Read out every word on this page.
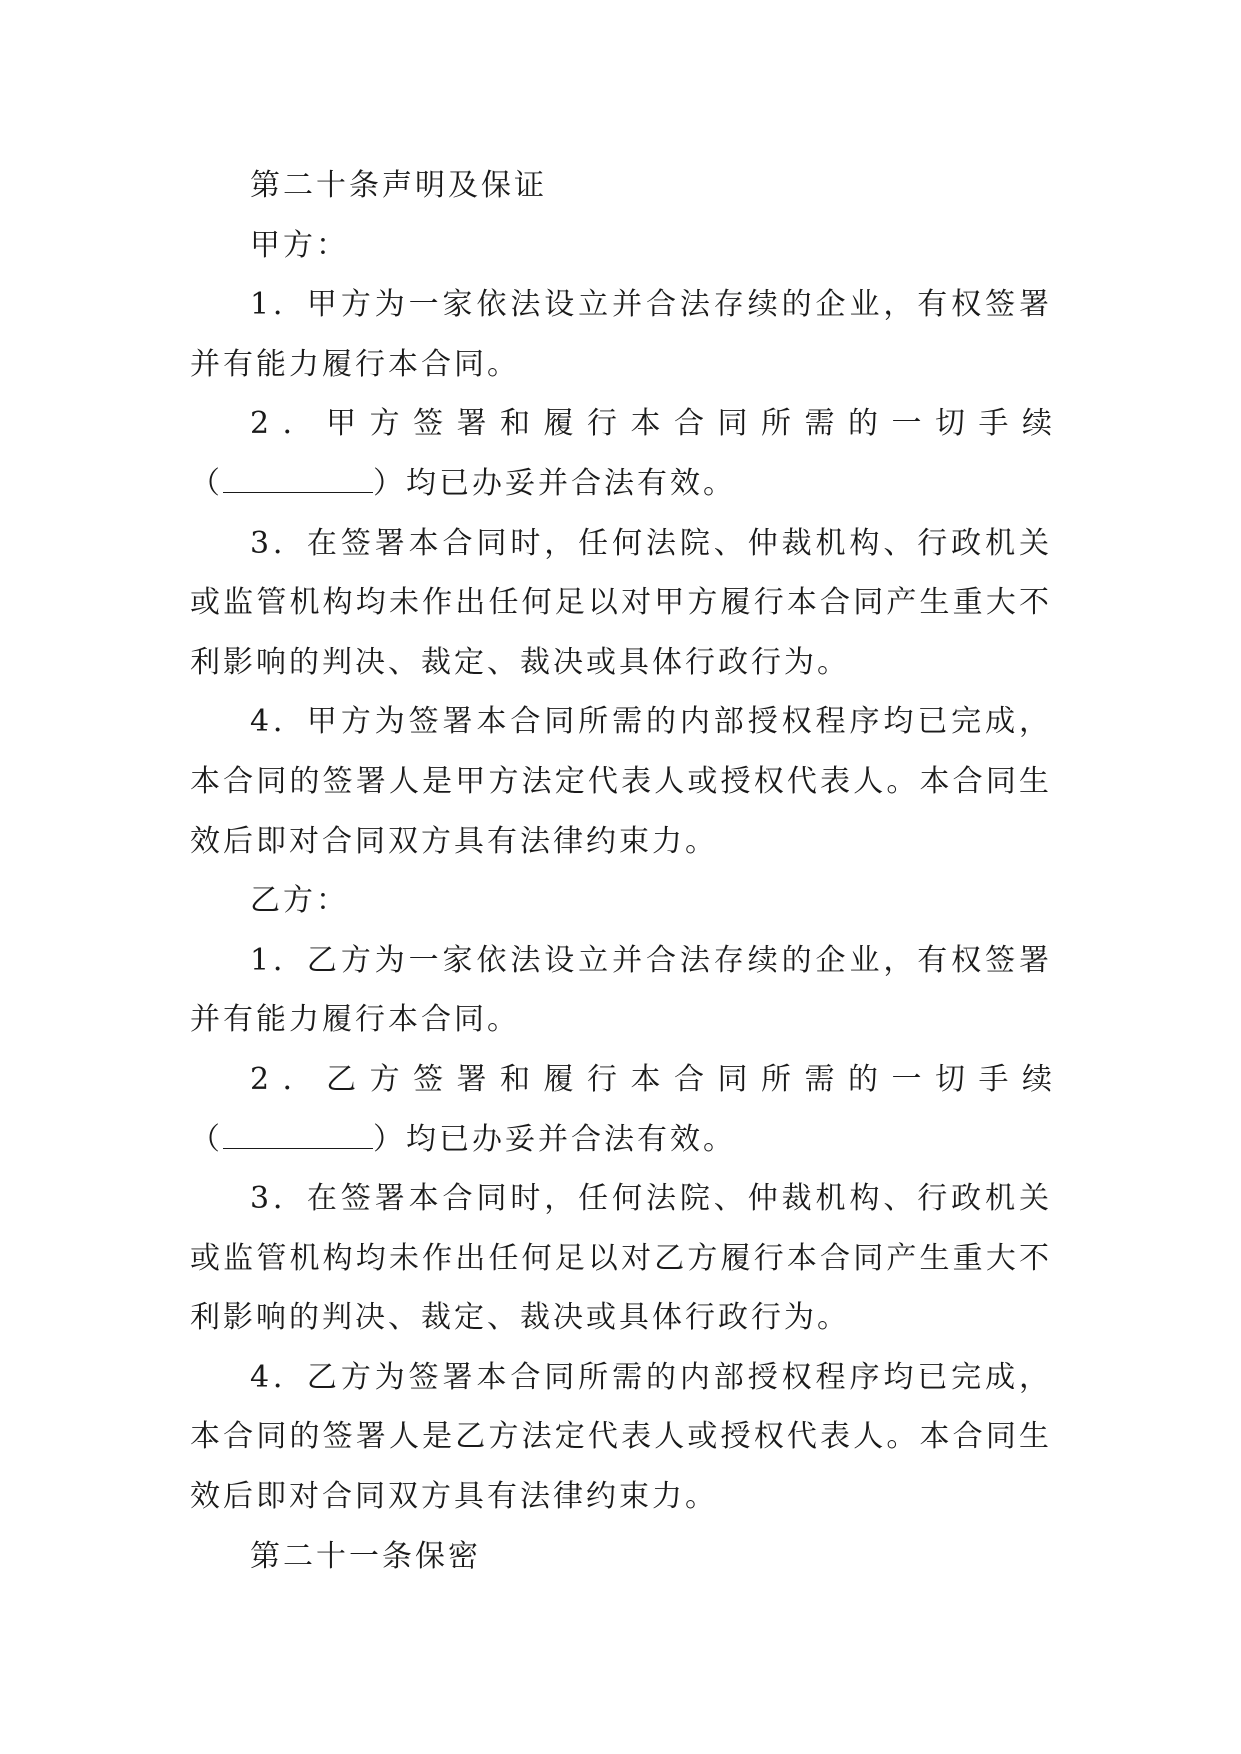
第二十条声明及保证

甲方：

1．甲方为一家依法设立并合法存续的企业，有权签署并有能力履行本合同。

2．甲方签署和履行本合同所需的一切手续
（	）均已办妥并合法有效。

3．在签署本合同时，任何法院、仲裁机构、行政机关或监管机构均未作出任何足以对甲方履行本合同产生重大不利影响的判决、裁定、裁决或具体行政行为。

4．甲方为签署本合同所需的内部授权程序均已完成，本合同的签署人是甲方法定代表人或授权代表人。本合同生效后即对合同双方具有法律约束力。

乙方：

1．乙方为一家依法设立并合法存续的企业，有权签署并有能力履行本合同。

2．乙方签署和履行本合同所需的一切手续
（	）均已办妥并合法有效。

3．在签署本合同时，任何法院、仲裁机构、行政机关或监管机构均未作出任何足以对乙方履行本合同产生重大不利影响的判决、裁定、裁决或具体行政行为。

4．乙方为签署本合同所需的内部授权程序均已完成，本合同的签署人是乙方法定代表人或授权代表人。本合同生效后即对合同双方具有法律约束力。

第二十一条保密
